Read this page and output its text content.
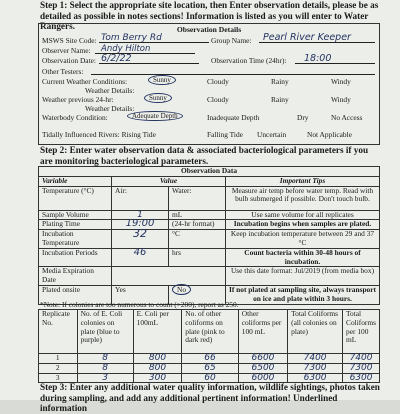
Step 1: Select the appropriate site location, then Enter observation details, please be as detailed as possible in notes sections! Information is listed as you will enter to Water Rangers.	Observation Details
MSWS Site Code: Tom Berry Rd	Group Name: Pearl River Keeper
Observer Name: Andy Hilton
Observation Date: 6/2/22	Observation Time (24hr): 18:00
Other Testers:
Current Weather Conditions:	Sunny	Cloudy	Rainy	Windy
Weather Details:
Weather previous 24-hr:	Sunny	Cloudy	Rainy	Windy
Weather Details:
Waterbody Condition:	Adequate Depth	Inadequate Depth	Dry	No Access
Tidally Influenced Rivers: Rising Tide	Falling Tide Uncertain	Not Applicable
Step 2: Enter water observation data & associated bacteriological parameters if you are monitoring bacteriological parameters.
Observation Data			
Variable	Value		Important Tips
Temperature (°C)	Air:	Water:	Measure air temp before water temp. Read with bulb submerged if possible. Don't touch bulb.
Sample Volume	1	mL	Use same volume for all replicates
Plating Time	19:00	(24-hr format)	Incubation begins when samples are plated.
Incubation Temperature	32	°C	Keep incubation temperature between 29 and 37 °C
Incubation Periods	46	hrs	Count bacteria within 30-48 hours of incubation.
Media Expiration Date			Use this date format: Jul/2019 (from media box)
Plated onsite	Yes	No	If not plated at sampling site, always transport on ice and plate within 3 hours.
*Note: If colonies are too numerous to count (>200), report as 250.
Replicate No.	No. of E. Coli colonies on plate (blue to purple)	E. Coli per 100mL	No. of other coliforms on plate (pink to dark red)	Other coliforms per 100 mL	Total Coliforms (all colonies on plate)	Total Coliforms per 100 mL
1	8	800	66	6600	7400	7400
2	8	800	65	6500	7300	7300
3	3	300	60	6000	6300	6300
Step 3: Enter any additional water quality information, wildlife sightings, photos taken during sampling, and add any additional pertinent information! Underlined information
